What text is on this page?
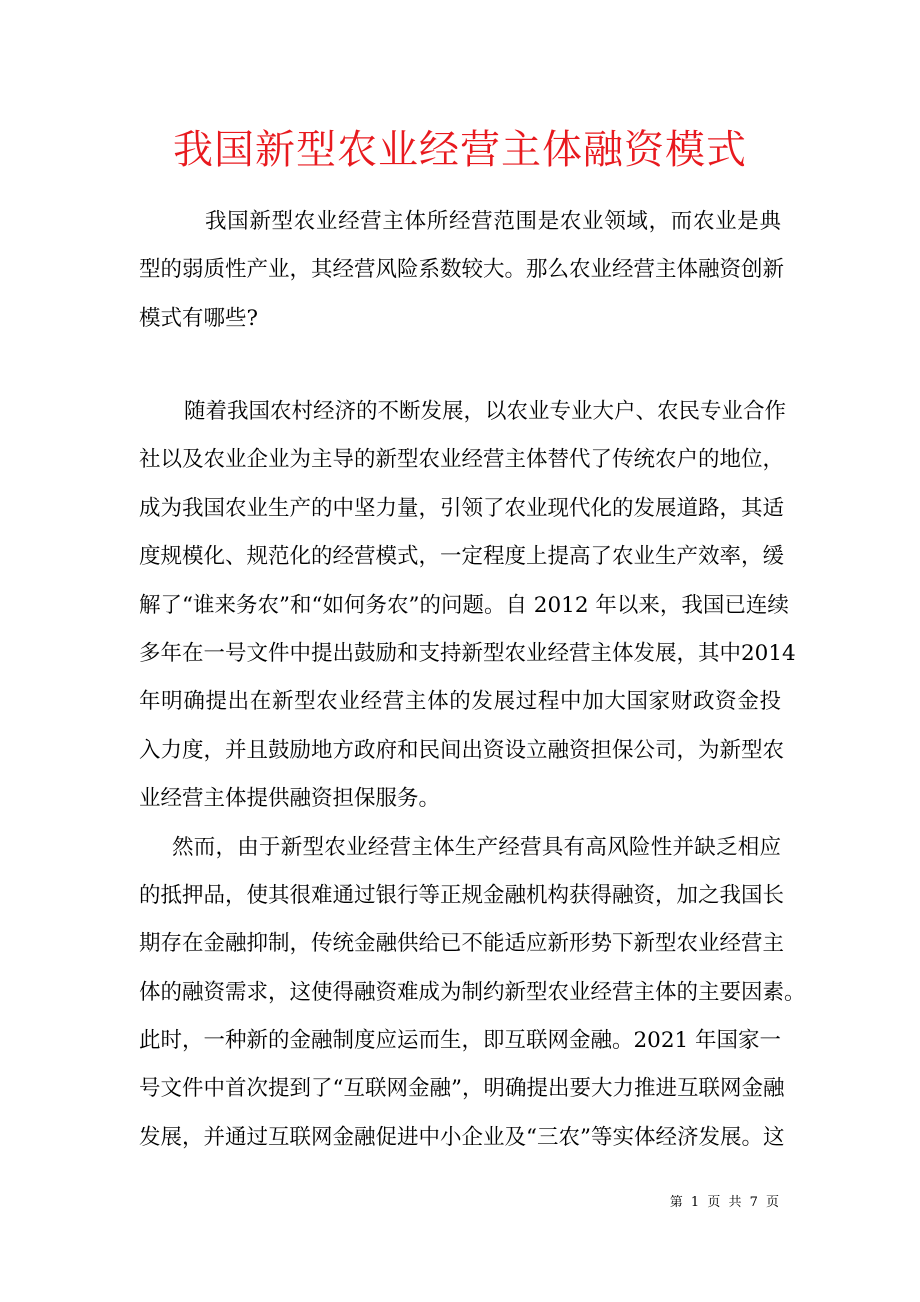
我国新型农业经营主体融资模式
我国新型农业经营主体所经营范围是农业领域，而农业是典
型的弱质性产业，其经营风险系数较大。那么农业经营主体融资创新
模式有哪些?
随着我国农村经济的不断发展，以农业专业大户、农民专业合作
社以及农业企业为主导的新型农业经营主体替代了传统农户的地位，
成为我国农业生产的中坚力量，引领了农业现代化的发展道路，其适
度规模化、规范化的经营模式，一定程度上提高了农业生产效率，缓
解了“谁来务农”和“如何务农”的问题。自 2012 年以来，我国已连续
多年在一号文件中提出鼓励和支持新型农业经营主体发展，其中2014
年明确提出在新型农业经营主体的发展过程中加大国家财政资金投
入力度，并且鼓励地方政府和民间出资设立融资担保公司，为新型农
业经营主体提供融资担保服务。
然而，由于新型农业经营主体生产经营具有高风险性并缺乏相应
的抵押品，使其很难通过银行等正规金融机构获得融资，加之我国长
期存在金融抑制，传统金融供给已不能适应新形势下新型农业经营主
体的融资需求，这使得融资难成为制约新型农业经营主体的主要因素。
此时，一种新的金融制度应运而生，即互联网金融。2021 年国家一
号文件中首次提到了“互联网金融”，明确提出要大力推进互联网金融
发展，并通过互联网金融促进中小企业及“三农”等实体经济发展。这
第 1 页 共 7 页
